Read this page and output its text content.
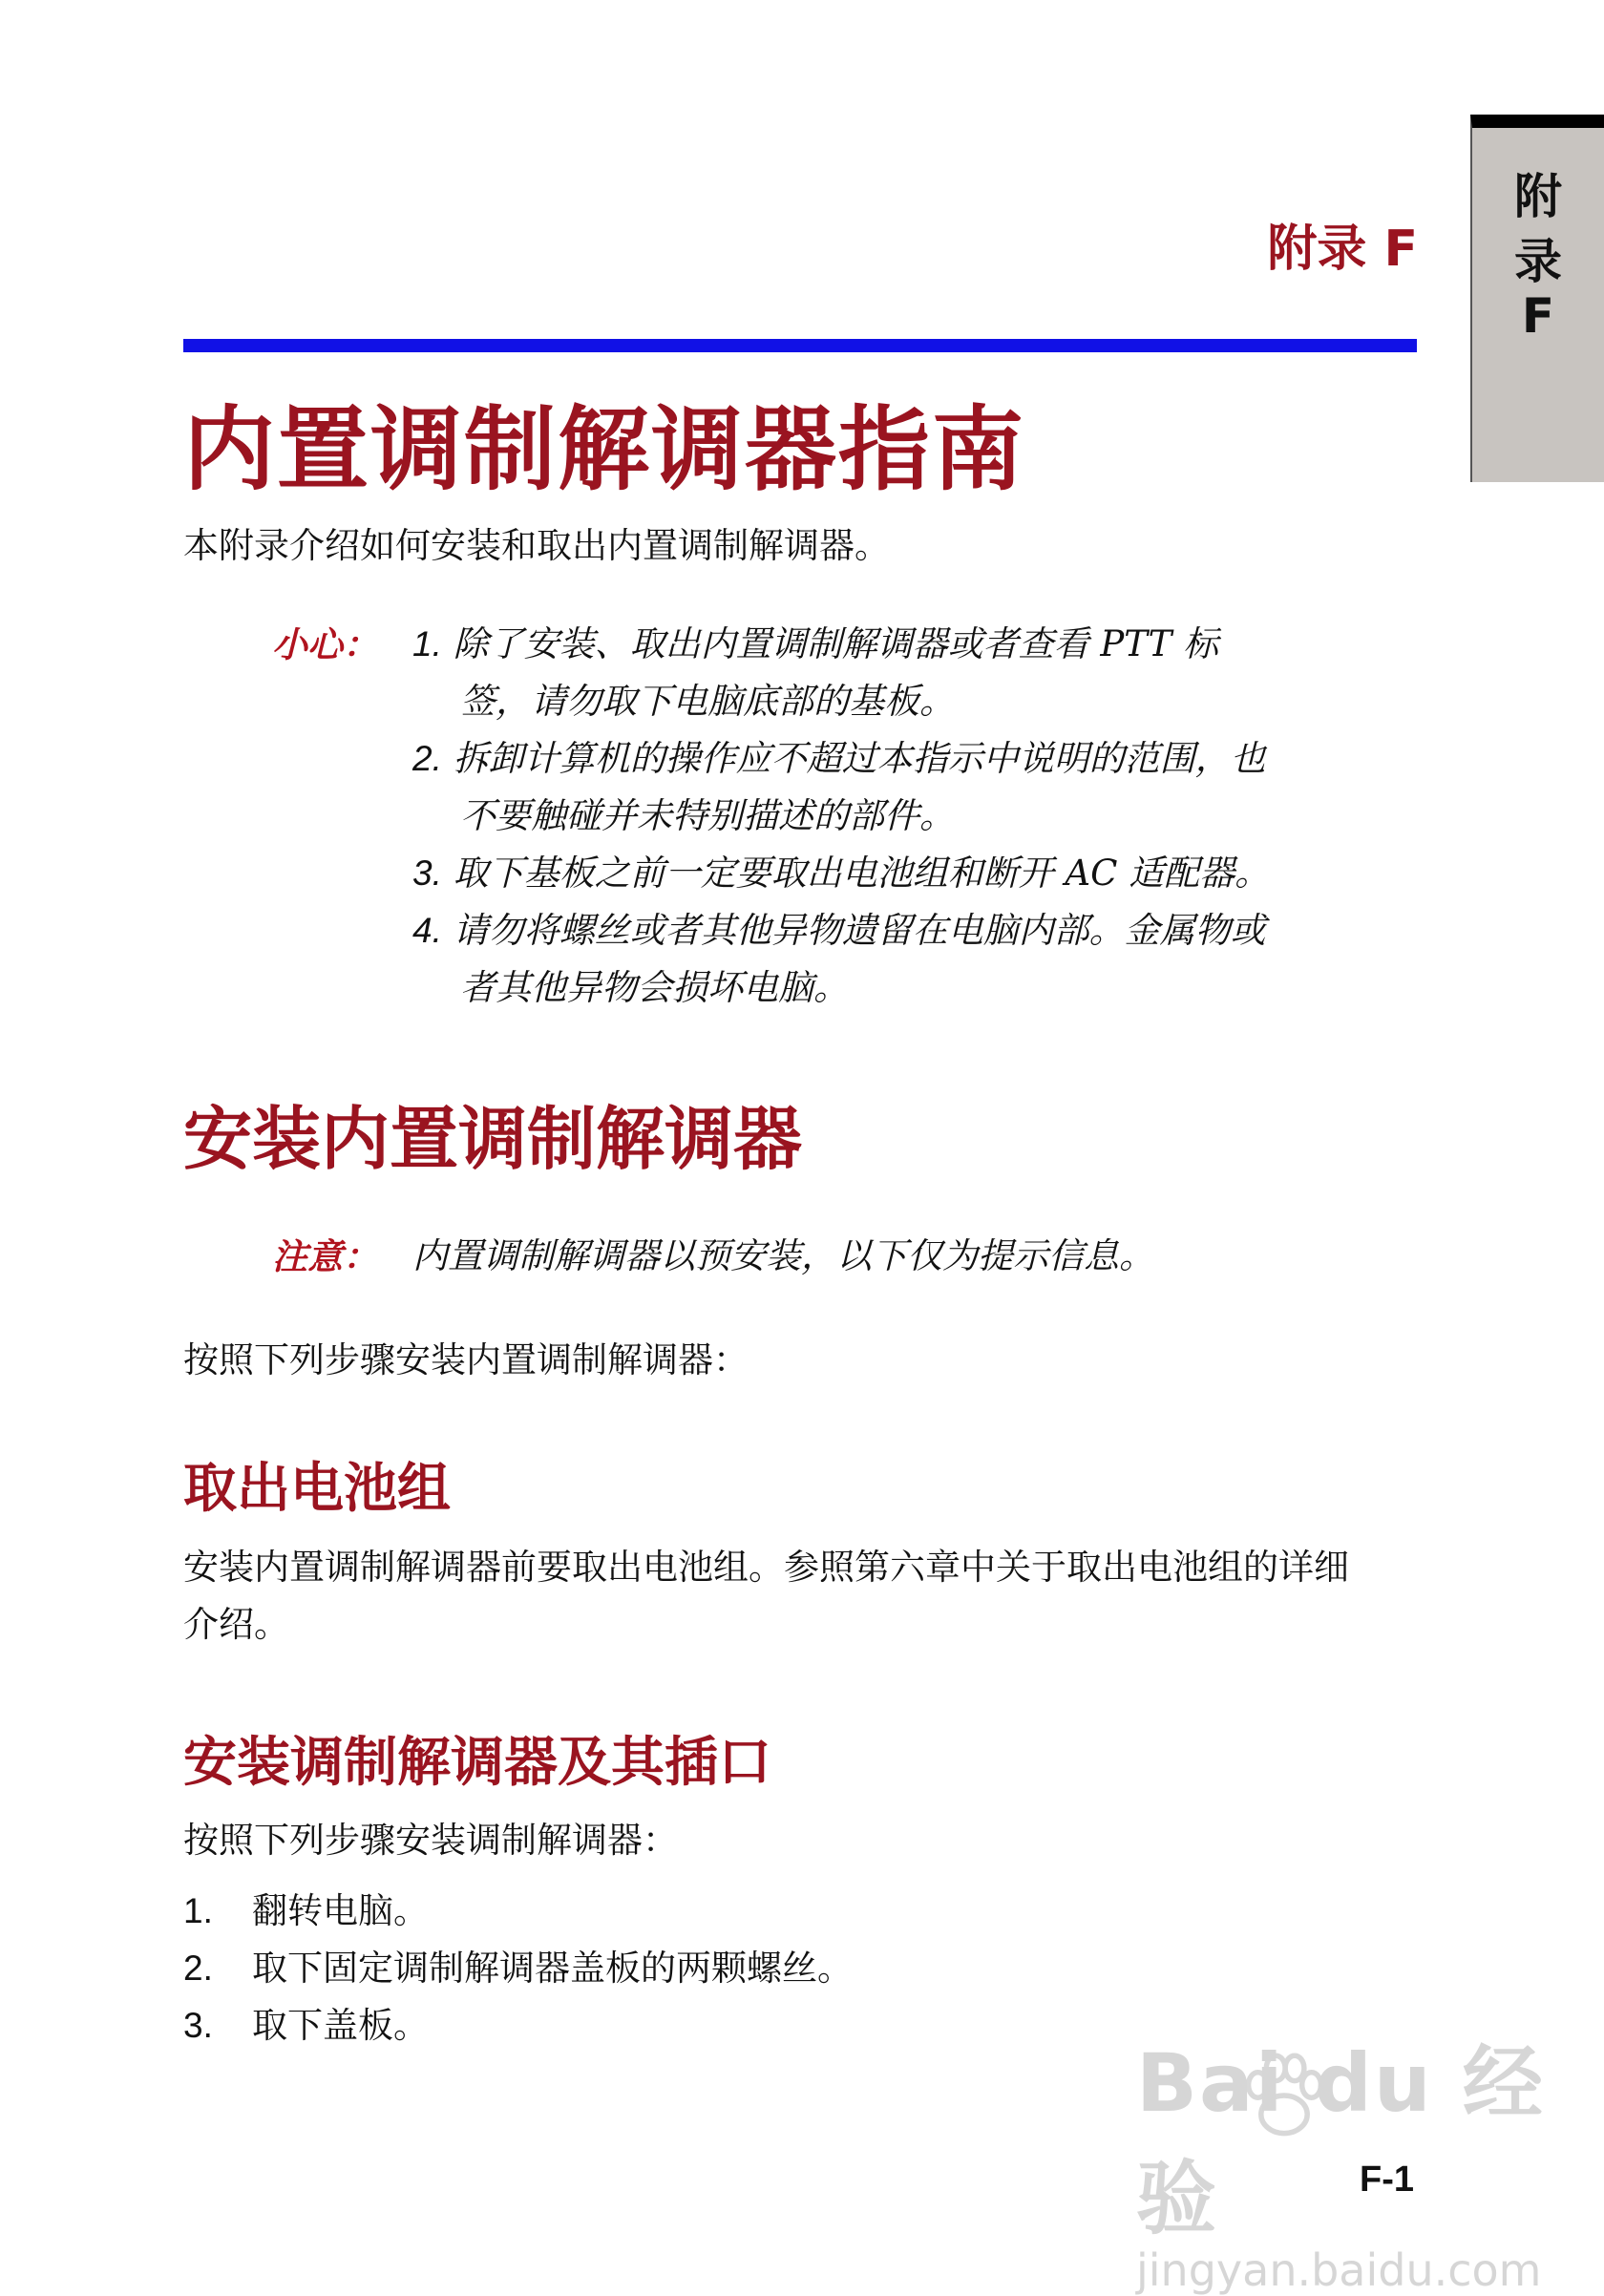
附
录
F
附录 F
内置调制解调器指南
本附录介绍如何安装和取出内置调制解调器。
小心： 1. 除了安装、取出内置调制解调器或者查看 PTT 标
签，请勿取下电脑底部的基板。
2. 拆卸计算机的操作应不超过本指示中说明的范围，也
不要触碰并未特别描述的部件。
3. 取下基板之前一定要取出电池组和断开 AC 适配器。
4. 请勿将螺丝或者其他异物遗留在电脑内部。金属物或
者其他异物会损坏电脑。
安装内置调制解调器
注意： 内置调制解调器以预安装，以下仅为提示信息。
按照下列步骤安装内置调制解调器：
取出电池组
安装内置调制解调器前要取出电池组。参照第六章中关于取出电池组的详细
介绍。
安装调制解调器及其插口
按照下列步骤安装调制解调器：
1. 翻转电脑。
2. 取下固定调制解调器盖板的两颗螺丝。
3. 取下盖板。
Bai du 经验
jingyan.baidu.com
F-1
